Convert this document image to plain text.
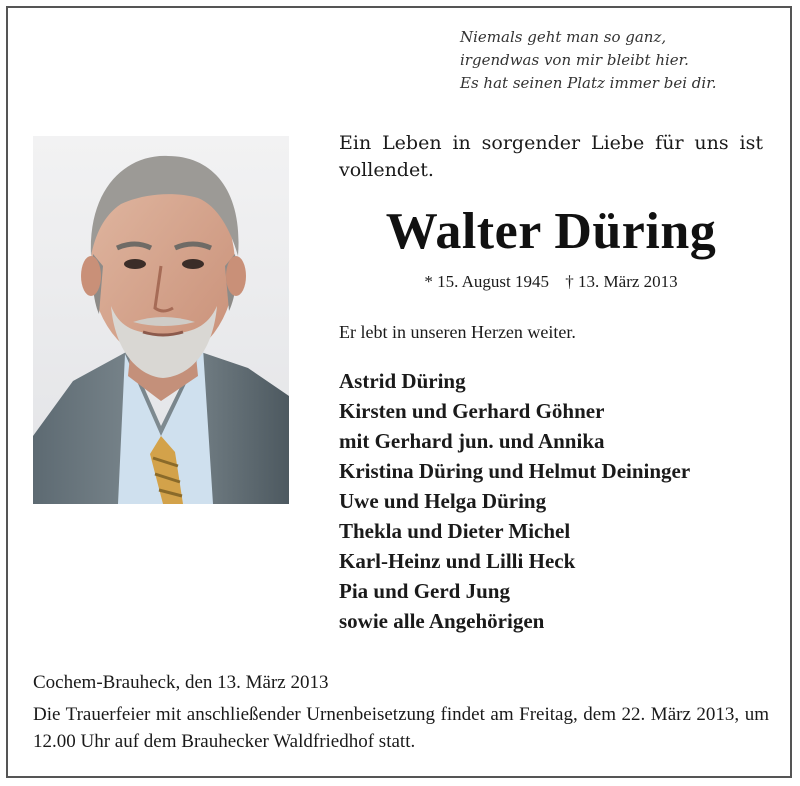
Niemals geht man so ganz,
irgendwas von mir bleibt hier.
Es hat seinen Platz immer bei dir.
Ein Leben in sorgender Liebe für uns ist vollendet.
Walter Düring
* 15. August 1945 † 13. März 2013
Er lebt in unseren Herzen weiter.
Astrid Düring
Kirsten und Gerhard Göhner
mit Gerhard jun. und Annika
Kristina Düring und Helmut Deininger
Uwe und Helga Düring
Thekla und Dieter Michel
Karl-Heinz und Lilli Heck
Pia und Gerd Jung
sowie alle Angehörigen
Cochem-Brauheck, den 13. März 2013
Die Trauerfeier mit anschließender Urnenbeisetzung findet am Freitag, dem 22. März 2013, um 12.00 Uhr auf dem Brauhecker Waldfriedhof statt.
